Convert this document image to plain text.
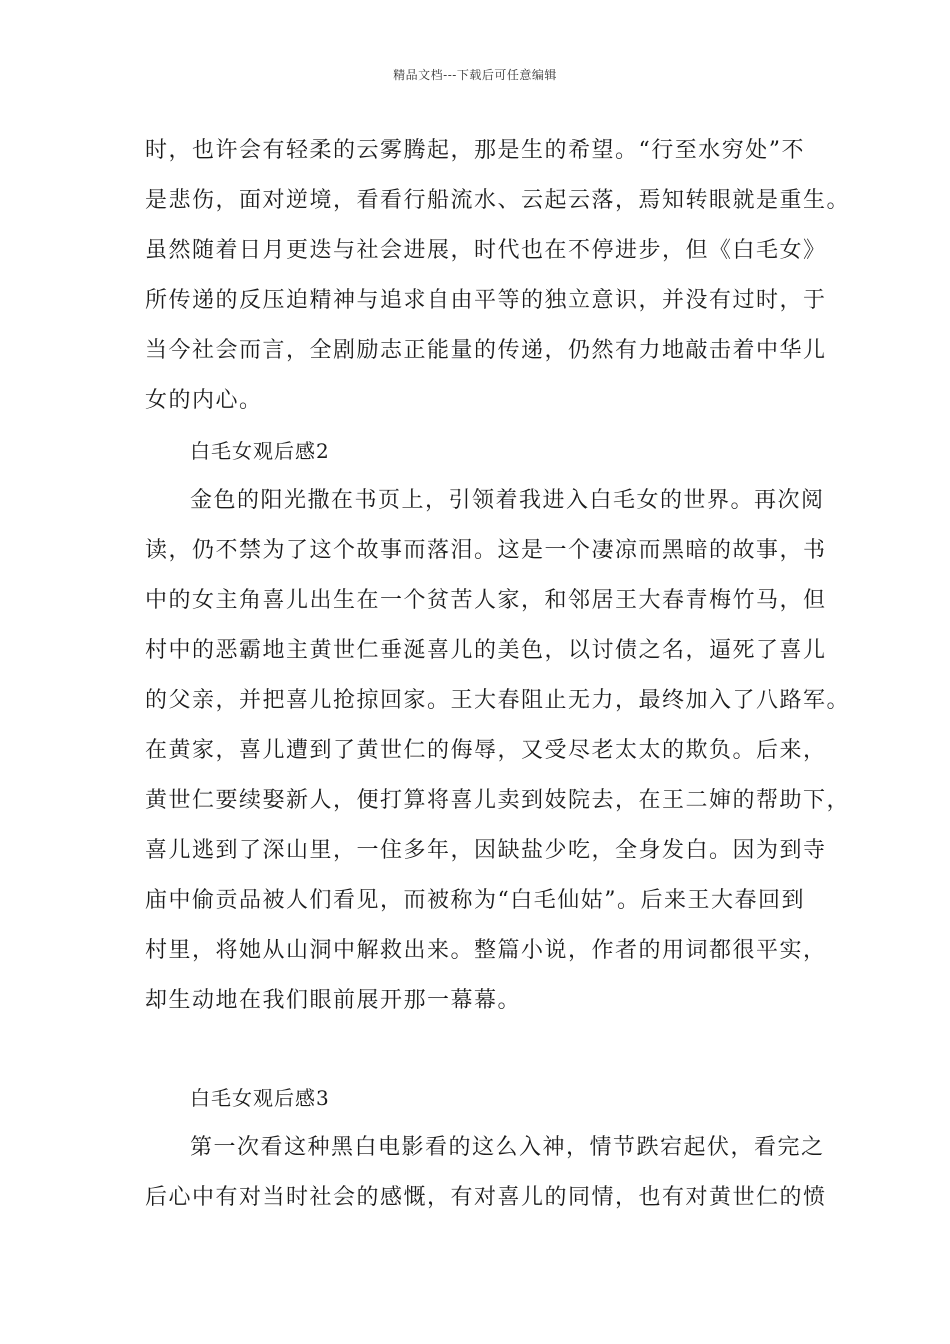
精品文档---下载后可任意编辑
时，也许会有轻柔的云雾腾起，那是生的希望。“行至水穷处”不
是悲伤，面对逆境，看看行船流水、云起云落，焉知转眼就是重生。
虽然随着日月更迭与社会进展，时代也在不停进步，但《白毛女》
所传递的反压迫精神与追求自由平等的独立意识，并没有过时，于
当今社会而言，全剧励志正能量的传递，仍然有力地敲击着中华儿
女的内心。
白毛女观后感2
金色的阳光撒在书页上，引领着我进入白毛女的世界。再次阅
读，仍不禁为了这个故事而落泪。这是一个凄凉而黑暗的故事，书
中的女主角喜儿出生在一个贫苦人家，和邻居王大春青梅竹马，但
村中的恶霸地主黄世仁垂涎喜儿的美色，以讨债之名，逼死了喜儿
的父亲，并把喜儿抢掠回家。王大春阻止无力，最终加入了八路军。
在黄家，喜儿遭到了黄世仁的侮辱，又受尽老太太的欺负。后来，
黄世仁要续娶新人，便打算将喜儿卖到妓院去，在王二婶的帮助下，
喜儿逃到了深山里，一住多年，因缺盐少吃，全身发白。因为到寺
庙中偷贡品被人们看见，而被称为“白毛仙姑”。后来王大春回到
村里，将她从山洞中解救出来。整篇小说，作者的用词都很平实，
却生动地在我们眼前展开那一幕幕。
白毛女观后感3
第一次看这种黑白电影看的这么入神，情节跌宕起伏，看完之
后心中有对当时社会的感慨，有对喜儿的同情，也有对黄世仁的愤
